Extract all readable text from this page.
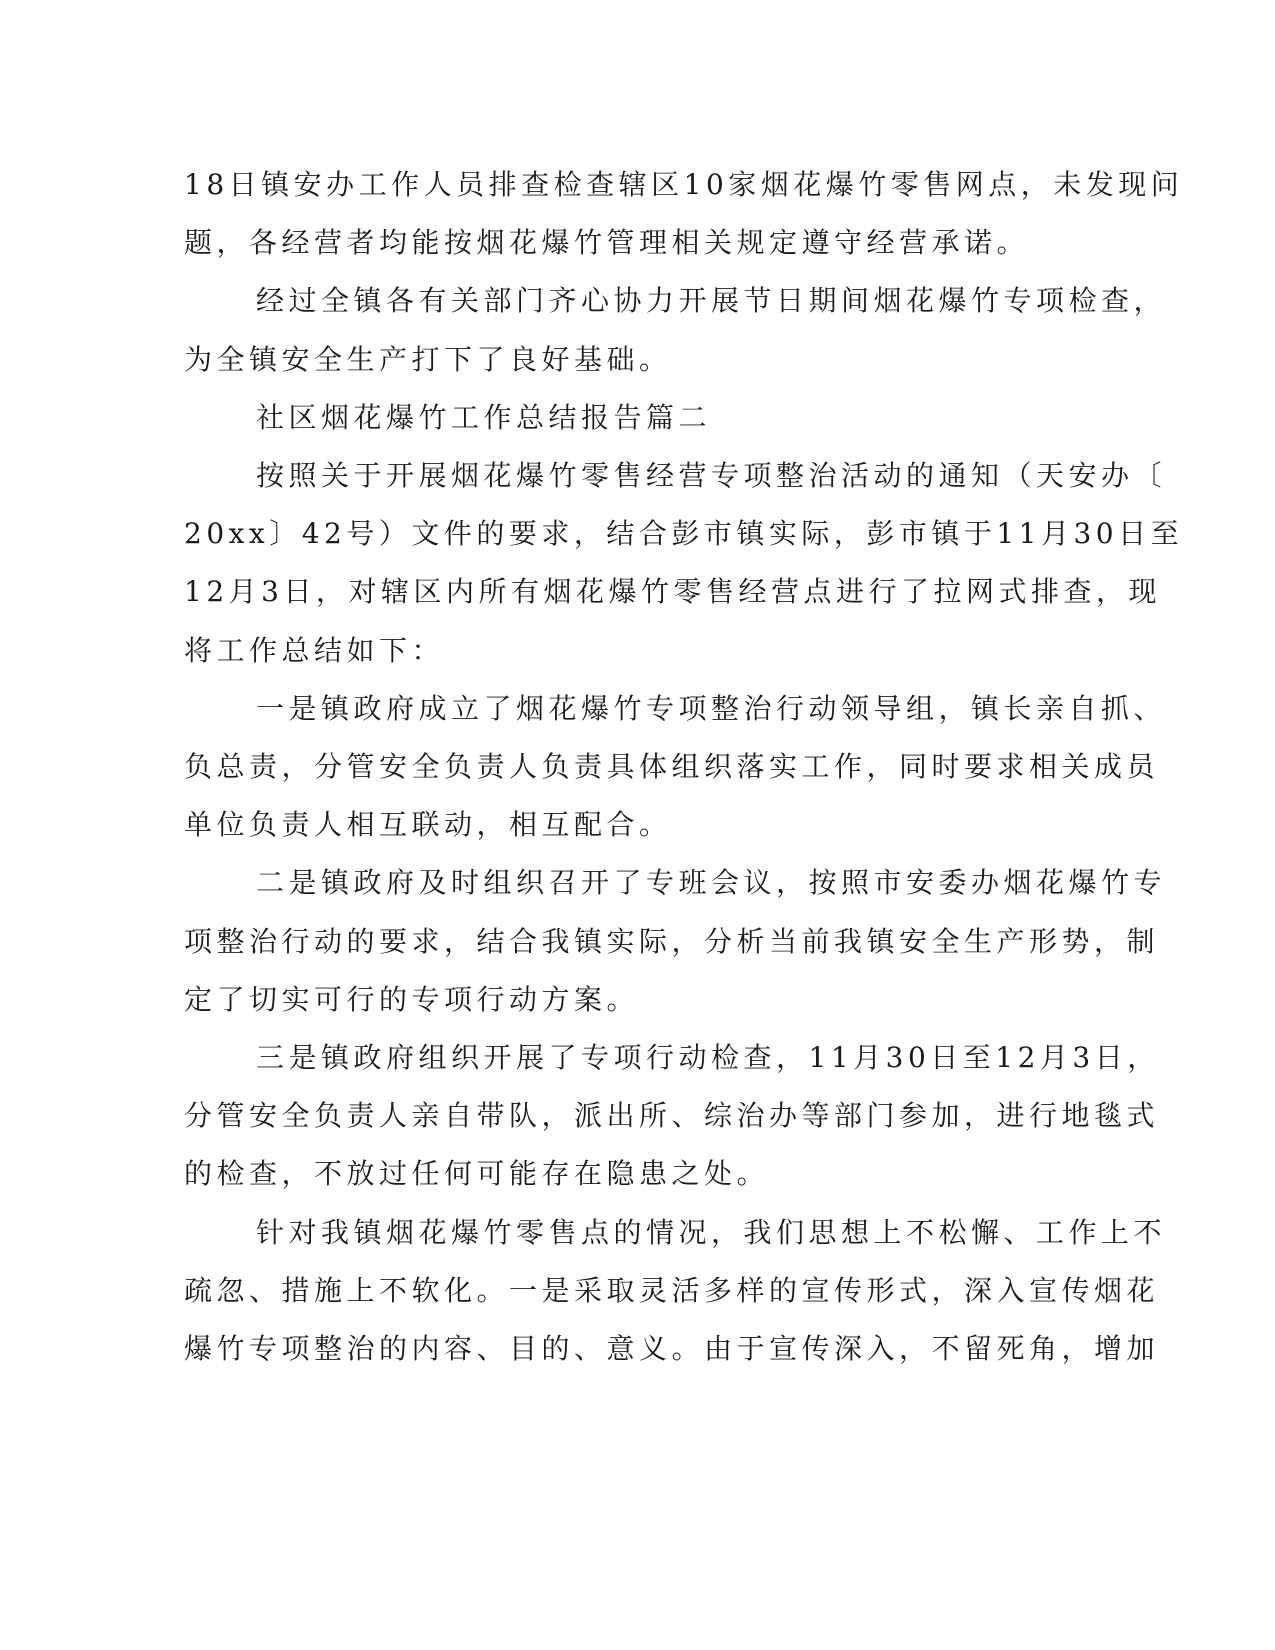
18日镇安办工作人员排查检查辖区10家烟花爆竹零售网点，未发现问
题，各经营者均能按烟花爆竹管理相关规定遵守经营承诺。

经过全镇各有关部门齐心协力开展节日期间烟花爆竹专项检查，
为全镇安全生产打下了良好基础。

社区烟花爆竹工作总结报告篇二

按照关于开展烟花爆竹零售经营专项整治活动的通知（天安办〔
20xx〕42号）文件的要求，结合彭市镇实际，彭市镇于11月30日至
12月3日，对辖区内所有烟花爆竹零售经营点进行了拉网式排查，现
将工作总结如下：

一是镇政府成立了烟花爆竹专项整治行动领导组，镇长亲自抓、
负总责，分管安全负责人负责具体组织落实工作，同时要求相关成员
单位负责人相互联动，相互配合。

二是镇政府及时组织召开了专班会议，按照市安委办烟花爆竹专
项整治行动的要求，结合我镇实际，分析当前我镇安全生产形势，制
定了切实可行的专项行动方案。

三是镇政府组织开展了专项行动检查，11月30日至12月3日，
分管安全负责人亲自带队，派出所、综治办等部门参加，进行地毯式
的检查，不放过任何可能存在隐患之处。

针对我镇烟花爆竹零售点的情况，我们思想上不松懈、工作上不
疏忽、措施上不软化。一是采取灵活多样的宣传形式，深入宣传烟花
爆竹专项整治的内容、目的、意义。由于宣传深入，不留死角，增加
